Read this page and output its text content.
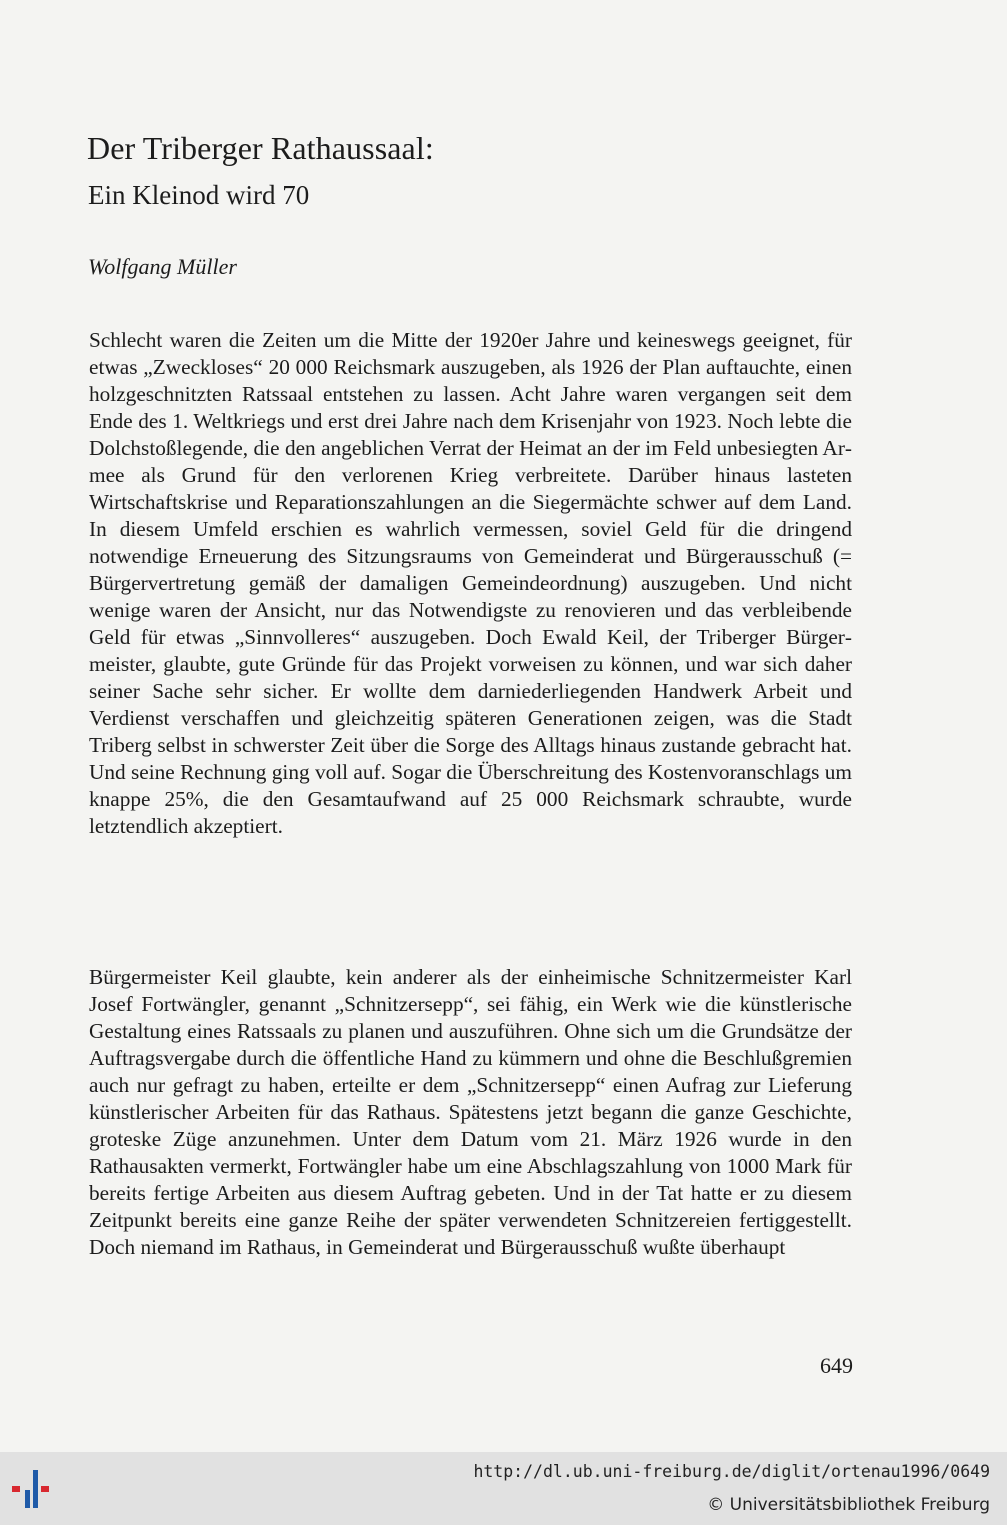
Der Triberger Rathaussaal:
Ein Kleinod wird 70

Wolfgang Müller

Schlecht waren die Zeiten um die Mitte der 1920er Jahre und keineswegs geeignet, für etwas „Zweckloses“ 20 000 Reichsmark auszugeben, als 1926 der Plan auftauchte, einen holzgeschnitzten Ratssaal entstehen zu lassen. Acht Jahre waren vergangen seit dem Ende des 1. Weltkriegs und erst drei Jahre nach dem Krisenjahr von 1923. Noch lebte die Dolchstoßlegende, die den angeblichen Verrat der Heimat an der im Feld unbesiegten Armee als Grund für den verlorenen Krieg verbreitete. Darüber hinaus lasteten Wirtschaftskrise und Reparationszahlungen an die Siegermächte schwer auf dem Land. In diesem Umfeld erschien es wahrlich vermessen, soviel Geld für die dringend notwendige Erneuerung des Sitzungsraums von Gemeinderat und Bürgerausschuß (= Bürgervertretung gemäß der damaligen Gemeindeordnung) auszugeben. Und nicht wenige waren der Ansicht, nur das Notwendigste zu renovieren und das verbleibende Geld für etwas „Sinnvolleres“ auszugeben. Doch Ewald Keil, der Triberger Bürgermeister, glaubte, gute Gründe für das Projekt vorweisen zu können, und war sich daher seiner Sache sehr sicher. Er wollte dem darniederliegenden Handwerk Arbeit und Verdienst verschaffen und gleichzeitig späteren Generationen zeigen, was die Stadt Triberg selbst in schwerster Zeit über die Sorge des Alltags hinaus zustande gebracht hat. Und seine Rechnung ging voll auf. Sogar die Überschreitung des Kostenvoranschlags um knappe 25%, die den Gesamtaufwand auf 25 000 Reichsmark schraubte, wurde letztendlich akzeptiert.

Bürgermeister Keil glaubte, kein anderer als der einheimische Schnitzermeister Karl Josef Fortwängler, genannt „Schnitzersepp“, sei fähig, ein Werk wie die künstlerische Gestaltung eines Ratssaals zu planen und auszuführen. Ohne sich um die Grundsätze der Auftragsvergabe durch die öffentliche Hand zu kümmern und ohne die Beschlußgremien auch nur gefragt zu haben, erteilte er dem „Schnitzersepp“ einen Aufrag zur Lieferung künstlerischer Arbeiten für das Rathaus. Spätestens jetzt begann die ganze Geschichte, groteske Züge anzunehmen. Unter dem Datum vom 21. März 1926 wurde in den Rathausakten vermerkt, Fortwängler habe um eine Abschlagszahlung von 1000 Mark für bereits fertige Arbeiten aus diesem Auftrag gebeten. Und in der Tat hatte er zu diesem Zeitpunkt bereits eine ganze Reihe der später verwendeten Schnitzereien fertiggestellt. Doch niemand im Rathaus, in Gemeinderat und Bürgerausschuß wußte überhaupt

649
http://dl.ub.uni-freiburg.de/diglit/ortenau1996/0649
© Universitätsbibliothek Freiburg
